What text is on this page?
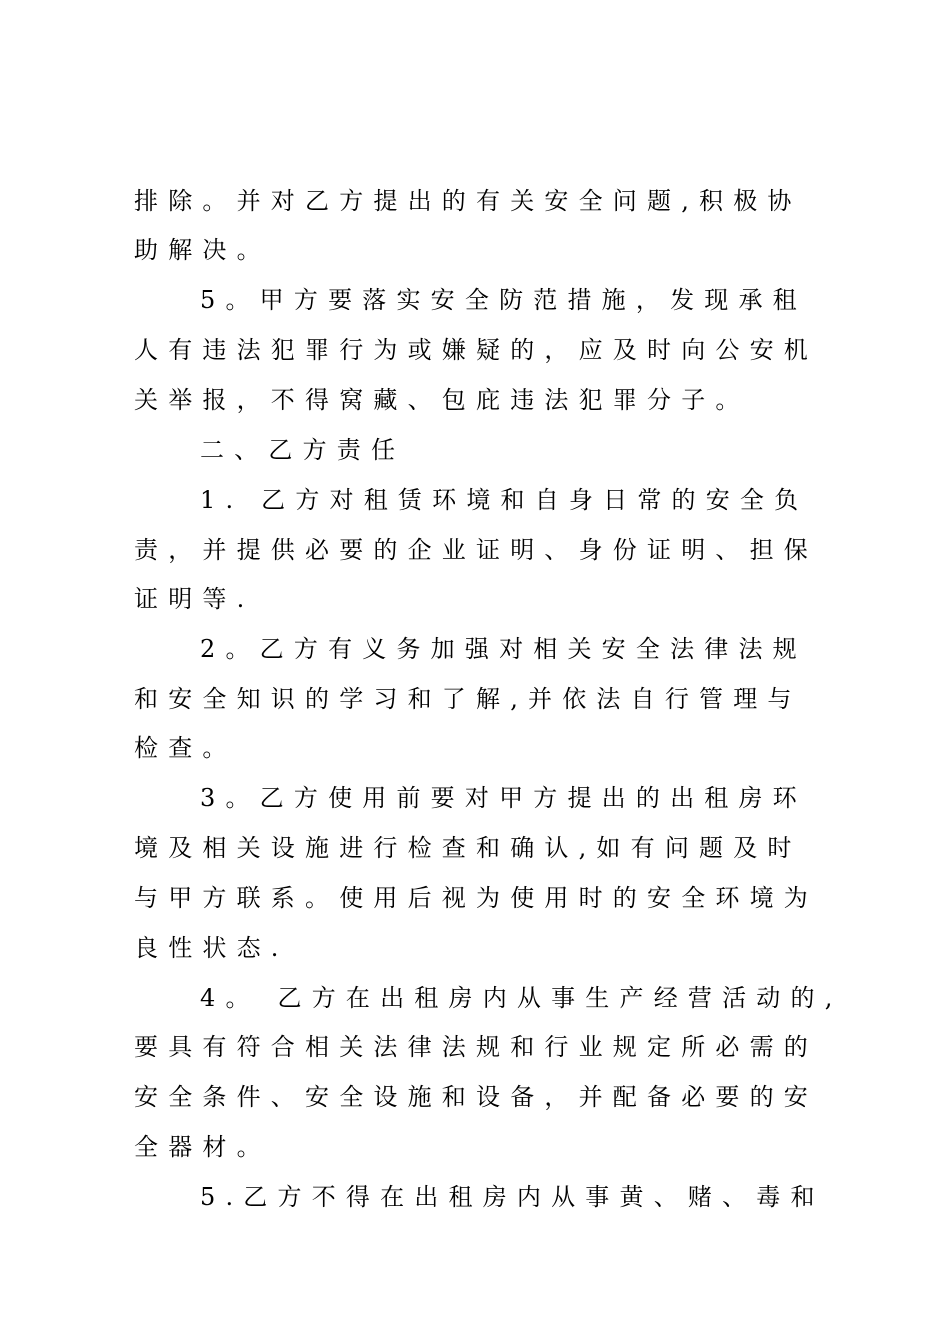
排除。并对乙方提出的有关安全问题,积极协
助解决。
5。甲方要落实安全防范措施，发现承租
人有违法犯罪行为或嫌疑的，应及时向公安机
关举报，不得窝藏、包庇违法犯罪分子。
二、乙方责任
1. 乙方对租赁环境和自身日常的安全负
责，并提供必要的企业证明、身份证明、担保
证明等.
2。乙方有义务加强对相关安全法律法规
和安全知识的学习和了解,并依法自行管理与
检查。
3。乙方使用前要对甲方提出的出租房环
境及相关设施进行检查和确认,如有问题及时
与甲方联系。使用后视为使用时的安全环境为
良性状态.
4。 乙方在出租房内从事生产经营活动的,
要具有符合相关法律法规和行业规定所必需的
安全条件、安全设施和设备，并配备必要的安
全器材。
5.乙方不得在出租房内从事黄、赌、毒和
